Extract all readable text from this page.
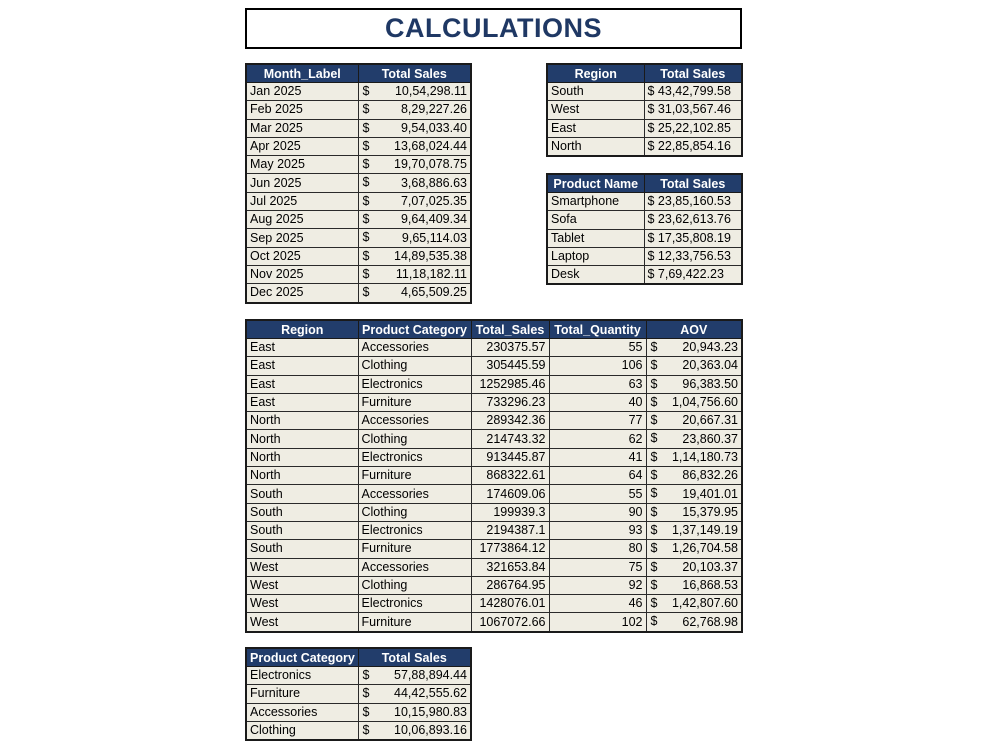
CALCULATIONS
Month_Label	Total Sales
Jan 2025	$ 10,54,298.11

Feb 2025	$ 8,29,227.26

Mar 2025	$ 9,54,033.40

Apr 2025	$ 13,68,024.44

May 2025	$ 19,70,078.75

Jun 2025	$ 3,68,886.63

Jul 2025	$ 7,07,025.35

Aug 2025	$ 9,64,409.34

Sep 2025	$ 9,65,114.03

Oct 2025	$ 14,89,535.38

Nov 2025	$ 11,18,182.11

Dec 2025	$ 4,65,509.25
Region	Total Sales
South	$ 43,42,799.58
West	$ 31,03,567.46
East	$ 25,22,102.85
North	$ 22,85,854.16
Product Name	Total Sales
Smartphone	$ 23,85,160.53
Sofa	$ 23,62,613.76
Tablet	$ 17,35,808.19
Laptop	$ 12,33,756.53
Desk	$ 7,69,422.23
Region	Product Category	Total_Sales	Total_Quantity	AOV
East	Accessories	230375.57	55	$ 20,943.23

East	Clothing	305445.59	106	$ 20,363.04

East	Electronics	1252985.46	63	$ 96,383.50

East	Furniture	733296.23	40	$ 1,04,756.60

North	Accessories	289342.36	77	$ 20,667.31

North	Clothing	214743.32	62	$ 23,860.37

North	Electronics	913445.87	41	$ 1,14,180.73

North	Furniture	868322.61	64	$ 86,832.26

South	Accessories	174609.06	55	$ 19,401.01

South	Clothing	199939.3	90	$ 15,379.95

South	Electronics	2194387.1	93	$ 1,37,149.19

South	Furniture	1773864.12	80	$ 1,26,704.58

West	Accessories	321653.84	75	$ 20,103.37

West	Clothing	286764.95	92	$ 16,868.53

West	Electronics	1428076.01	46	$ 1,42,807.60

West	Furniture	1067072.66	102	$ 62,768.98
Product Category	Total Sales
Electronics	$ 57,88,894.44

Furniture	$ 44,42,555.62

Accessories	$ 10,15,980.83

Clothing	$ 10,06,893.16
